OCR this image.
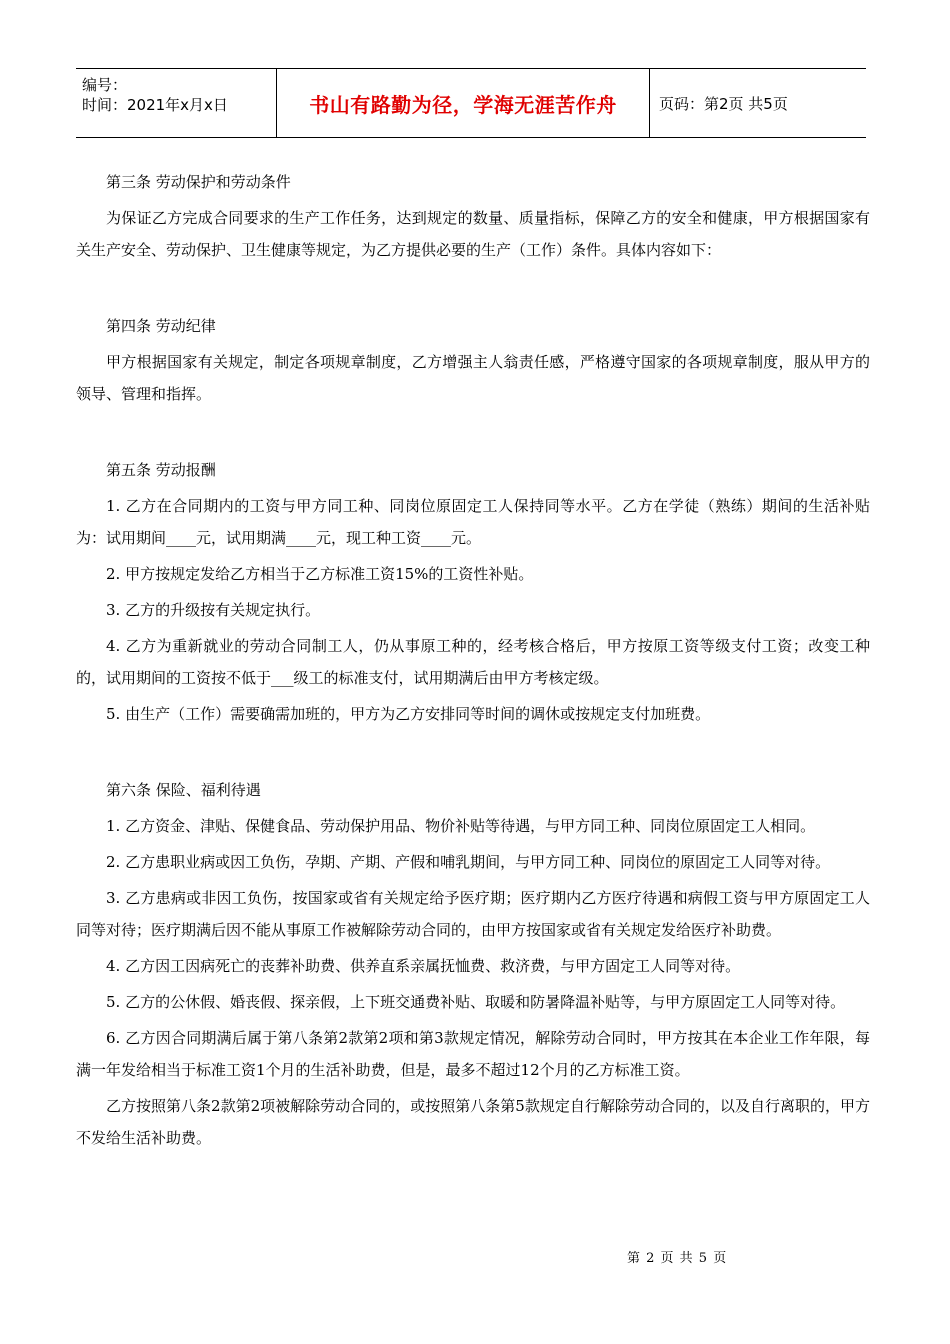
编号：
时间：2021年x月x日	书山有路勤为径，学海无涯苦作舟	页码：第2页 共5页
第三条 劳动保护和劳动条件
为保证乙方完成合同要求的生产工作任务，达到规定的数量、质量指标，保障乙方的安全和健康，甲方根据国家有关生产安全、劳动保护、卫生健康等规定，为乙方提供必要的生产（工作）条件。具体内容如下：
第四条 劳动纪律
甲方根据国家有关规定，制定各项规章制度，乙方增强主人翁责任感，严格遵守国家的各项规章制度，服从甲方的领导、管理和指挥。
第五条 劳动报酬
1. 乙方在合同期内的工资与甲方同工种、同岗位原固定工人保持同等水平。乙方在学徒（熟练）期间的生活补贴为：试用期间____元，试用期满____元，现工种工资____元。
2. 甲方按规定发给乙方相当于乙方标准工资15%的工资性补贴。
3. 乙方的升级按有关规定执行。
4. 乙方为重新就业的劳动合同制工人，仍从事原工种的，经考核合格后，甲方按原工资等级支付工资；改变工种的，试用期间的工资按不低于___级工的标准支付，试用期满后由甲方考核定级。
5. 由生产（工作）需要确需加班的，甲方为乙方安排同等时间的调休或按规定支付加班费。
第六条 保险、福利待遇
1. 乙方资金、津贴、保健食品、劳动保护用品、物价补贴等待遇，与甲方同工种、同岗位原固定工人相同。
2. 乙方患职业病或因工负伤，孕期、产期、产假和哺乳期间，与甲方同工种、同岗位的原固定工人同等对待。
3. 乙方患病或非因工负伤，按国家或省有关规定给予医疗期；医疗期内乙方医疗待遇和病假工资与甲方原固定工人同等对待；医疗期满后因不能从事原工作被解除劳动合同的，由甲方按国家或省有关规定发给医疗补助费。
4. 乙方因工因病死亡的丧葬补助费、供养直系亲属抚恤费、救济费，与甲方固定工人同等对待。
5. 乙方的公休假、婚丧假、探亲假，上下班交通费补贴、取暖和防暑降温补贴等，与甲方原固定工人同等对待。
6. 乙方因合同期满后属于第八条第2款第2项和第3款规定情况，解除劳动合同时，甲方按其在本企业工作年限，每满一年发给相当于标准工资1个月的生活补助费，但是，最多不超过12个月的乙方标准工资。
乙方按照第八条2款第2项被解除劳动合同的，或按照第八条第5款规定自行解除劳动合同的，以及自行离职的，甲方不发给生活补助费。
第 2 页 共 5 页
